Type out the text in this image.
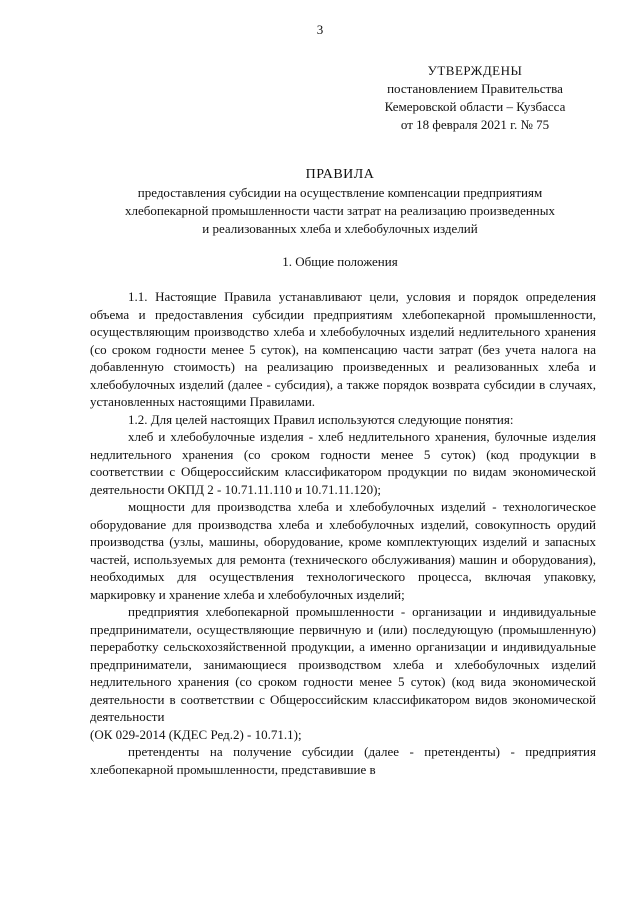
3
УТВЕРЖДЕНЫ
постановлением Правительства
Кемеровской области – Кузбасса
от 18 февраля 2021 г. № 75
ПРАВИЛА
предоставления субсидии на осуществление компенсации предприятиям
хлебопекарной промышленности части затрат на реализацию произведенных
и реализованных хлеба и хлебобулочных изделий
1. Общие положения

1.1. Настоящие Правила устанавливают цели, условия и порядок определения объема и предоставления субсидии предприятиям хлебопекарной промышленности, осуществляющим производство хлеба и хлебобулочных изделий недлительного хранения (со сроком годности менее 5 суток), на компенсацию части затрат (без учета налога на добавленную стоимость) на реализацию произведенных и реализованных хлеба и хлебобулочных изделий (далее - субсидия), а также порядок возврата субсидии в случаях, установленных настоящими Правилами.

1.2. Для целей настоящих Правил используются следующие понятия:

хлеб и хлебобулочные изделия - хлеб недлительного хранения, булочные изделия недлительного хранения (со сроком годности менее 5 суток) (код продукции в соответствии с Общероссийским классификатором продукции по видам экономической деятельности ОКПД 2 - 10.71.11.110 и 10.71.11.120);

мощности для производства хлеба и хлебобулочных изделий - технологическое оборудование для производства хлеба и хлебобулочных изделий, совокупность орудий производства (узлы, машины, оборудование, кроме комплектующих изделий и запасных частей, используемых для ремонта (технического обслуживания) машин и оборудования), необходимых для осуществления технологического процесса, включая упаковку, маркировку и хранение хлеба и хлебобулочных изделий;

предприятия хлебопекарной промышленности - организации и индивидуальные предприниматели, осуществляющие первичную и (или) последующую (промышленную) переработку сельскохозяйственной продукции, а именно организации и индивидуальные предприниматели, занимающиеся производством хлеба и хлебобулочных изделий недлительного хранения (со сроком годности менее 5 суток) (код вида экономической деятельности в соответствии с Общероссийским классификатором видов экономической деятельности

(ОК 029-2014 (КДЕС Ред.2) - 10.71.1);

претенденты на получение субсидии (далее - претенденты) - предприятия хлебопекарной промышленности, представившие в
